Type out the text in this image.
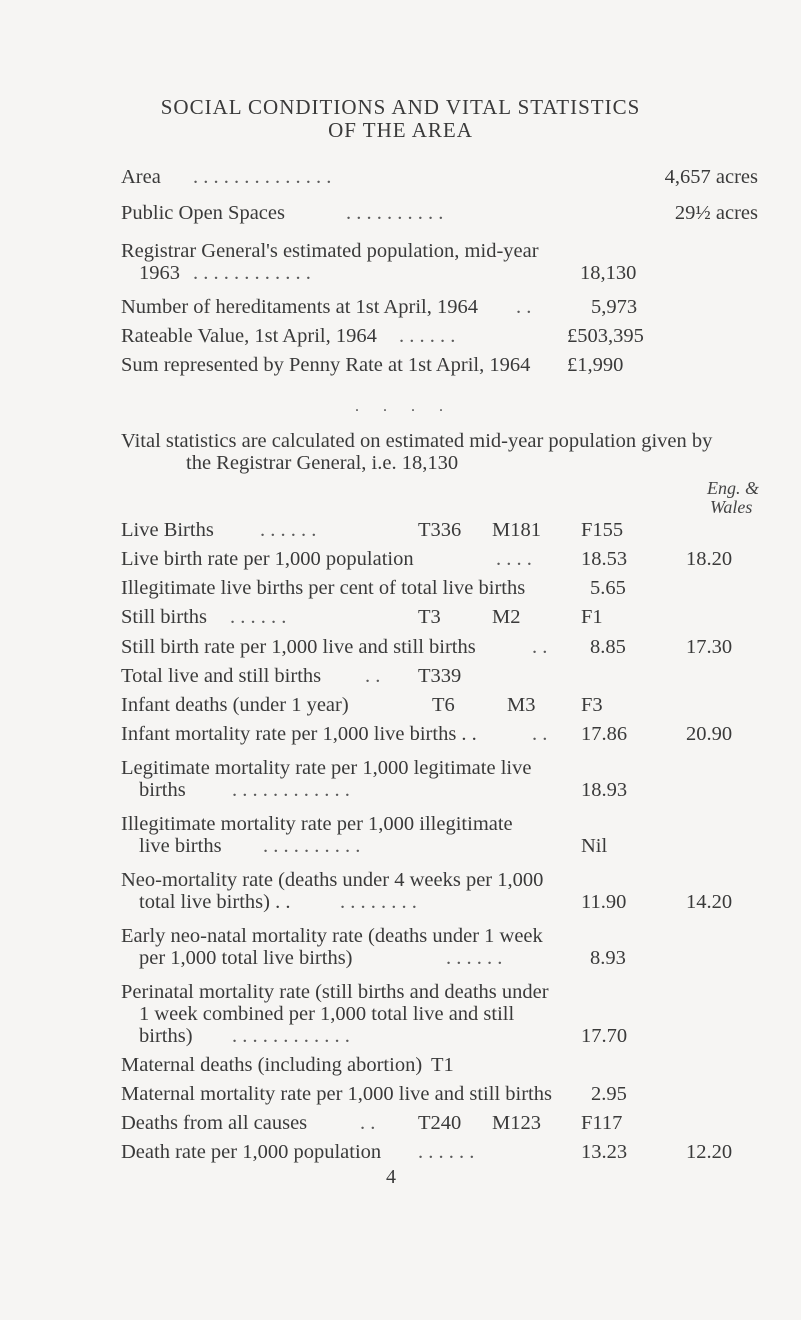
SOCIAL CONDITIONS AND VITAL STATISTICS
OF THE AREA
Area . . . . . . . . . . . . . .	4,657 acres
Public Open Spaces	. . . . . . . . . .	29½ acres
Registrar General's estimated population, mid-year
1963 . . . . . . . . . . . .	18,130
Number of hereditaments at 1st April, 1964 . .	5,973
Rateable Value, 1st April, 1964 . . . . . .	£503,395
Sum represented by Penny Rate at 1st April, 1964 £1,990
. . . .
Vital statistics are calculated on estimated mid-year population given by
the Registrar General, i.e. 18,130
Eng. &
Wales
Live Births . . . . . .	T336 M181 F155
Live birth rate per 1,000 population	. . . . 18.53	18.20
Illegitimate live births per cent of total live births	5.65
Still births . . . . . .	T3 M2	F1
Still birth rate per 1,000 live and still births	. . 8.85	17.30
Total live and still births . . T339
Infant deaths (under 1 year)	T6	M3 F3
Infant mortality rate per 1,000 live births . .	. . 17.86	20.90
Legitimate mortality rate per 1,000 legitimate live
births . . . . . . . . . . . .	18.93
Illegitimate mortality rate per 1,000 illegitimate
live births . . . . . . . . . .	Nil
Neo-mortality rate (deaths under 4 weeks per 1,000
total live births) . . . . . . . . . .	11.90	14.20
Early neo-natal mortality rate (deaths under 1 week
per 1,000 total live births)	. . . . . .	8.93
Perinatal mortality rate (still births and deaths under
1 week combined per 1,000 total live and still
births) . . . . . . . . . . . .	17.70
Maternal deaths (including abortion) T1
Maternal mortality rate per 1,000 live and still births 2.95
Deaths from all causes	. . T240 M123 F117
Death rate per 1,000 population . . . . . .	13.23	12.20
4
